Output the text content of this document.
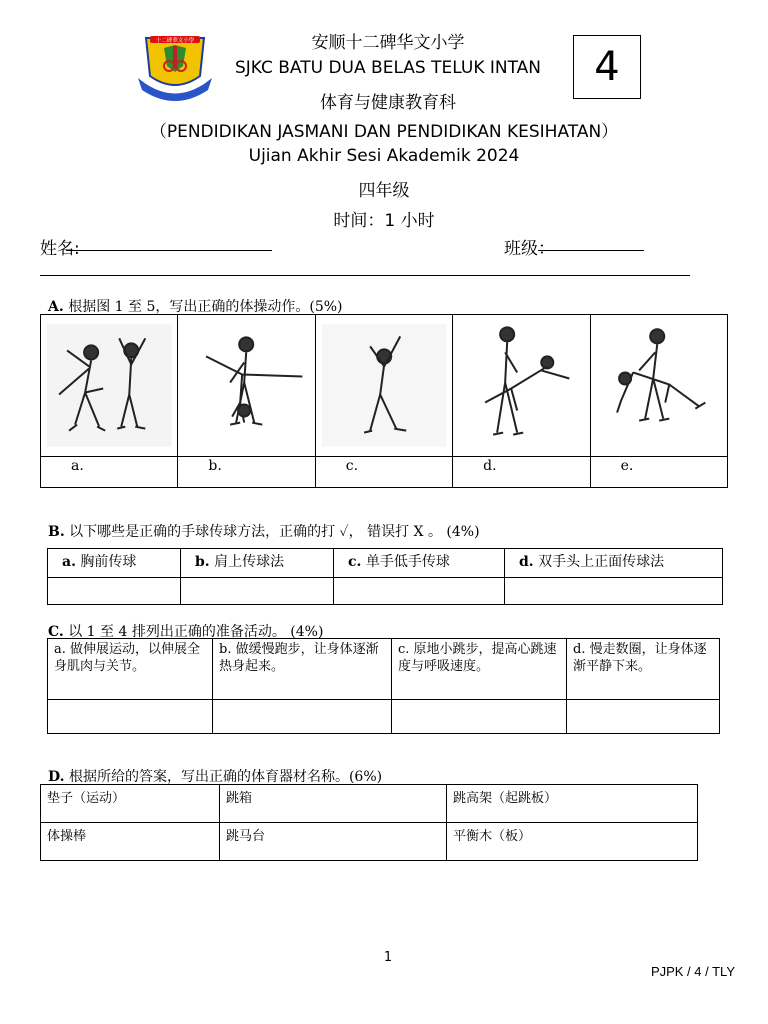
十二碑華文小學	安顺十二碑华文小学
SJKC BATU DUA BELAS TELUK INTAN
体育与健康教育科
4
（PENDIDIKAN JASMANI DAN PENDIDIKAN KESIHATAN）
Ujian Akhir Sesi Akademik 2024
四年级
时间：1 小时
姓名:	班级：
A. 根据图 1 至 5，写出正确的体操动作。(5%)

a.	b.	c.	d.	e.
B. 以下哪些是正确的手球传球方法，正确的打 ✓， 错误打 X 。 (4%)
a. 胸前传球	b. 肩上传球法	c. 单手低手传球	d. 双手头上正面传球法

C. 以 1 至 4 排列出正确的准备活动。 (4%)
a. 做伸展运动，以伸展全身肌肉与关节。	b. 做缓慢跑步，让身体逐渐热身起来。	c. 原地小跳步，提高心跳速度与呼吸速度。	d. 慢走数圈，让身体逐渐平静下来。

D. 根据所给的答案，写出正确的体育器材名称。(6%)
垫子（运动）	跳箱	跳高架（起跳板）
体操棒	跳马台	平衡木（板）
1
PJPK / 4 / TLY
